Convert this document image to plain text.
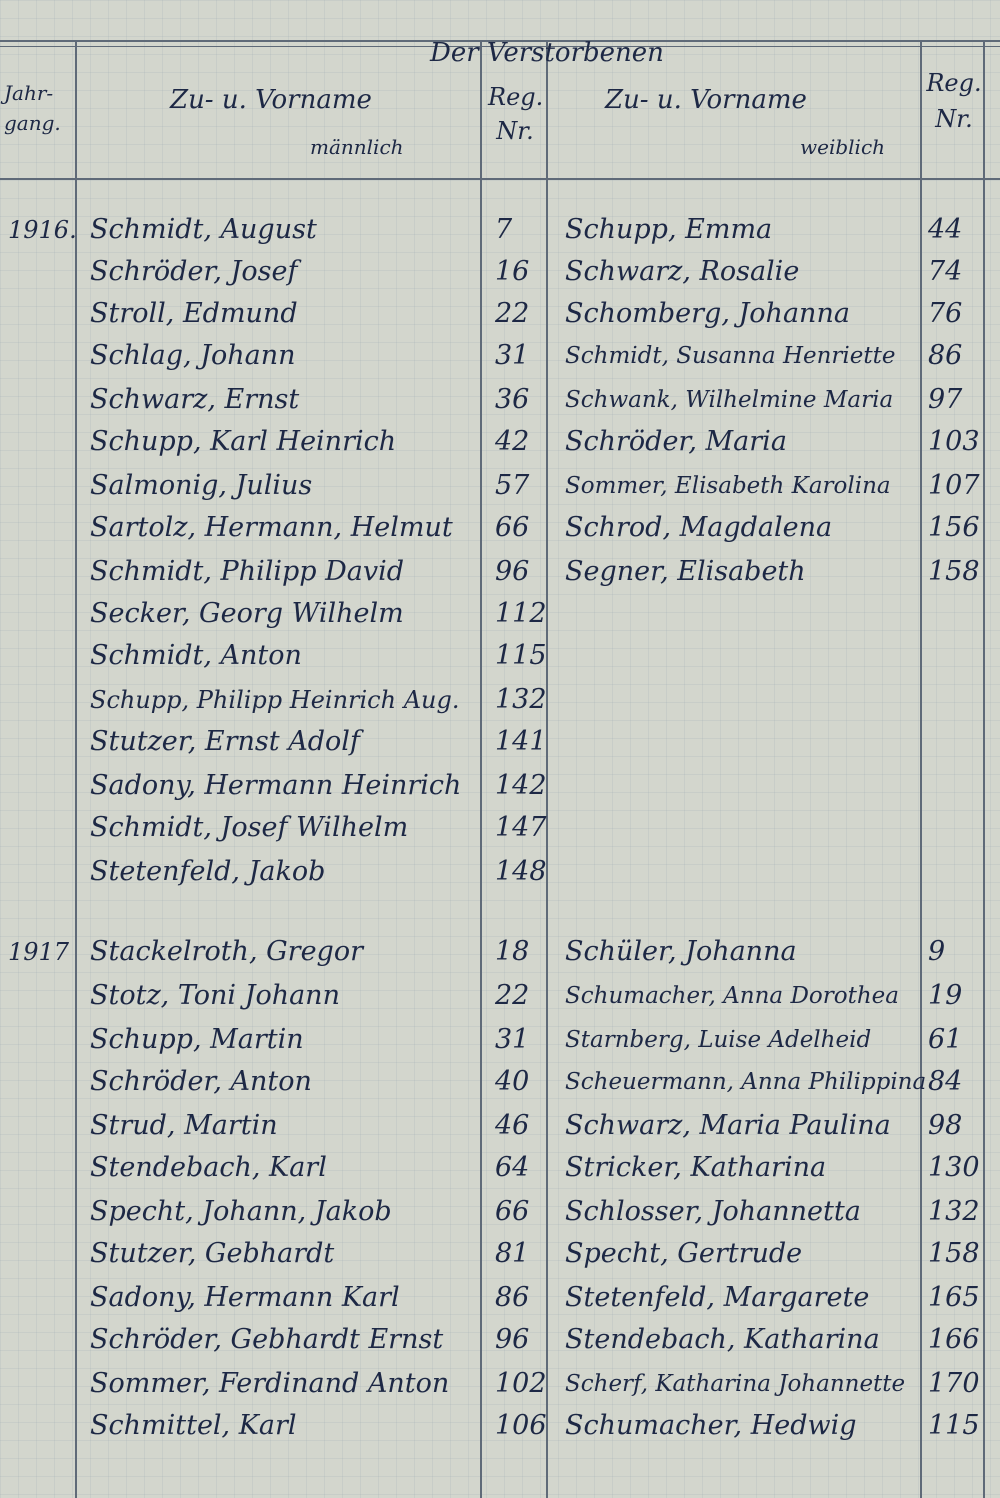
Der Verstorbenen
Jahr-gang.
Zu- u. Vorname
männlich
Reg. Nr.
Zu- u. Vorname
weiblich
Reg. Nr.
1916. Schmidt, August	7	Schupp, Emma	44
Schröder, Josef	16	Schwarz, Rosalie	74
Stroll, Edmund	22	Schomberg, Johanna	76
Schlag, Johann	31	Schmidt, Susanna Henriette	86
Schwarz, Ernst	36	Schwank, Wilhelmine Maria	97
Schupp, Karl Heinrich	42	Schröder, Maria	103
Salmonig, Julius	57	Sommer, Elisabeth Karolina	107
Sartolz, Hermann, Helmut	66	Schrod, Magdalena	156
Schmidt, Philipp David	96	Segner, Elisabeth	158
Secker, Georg Wilhelm	112
Schmidt, Anton	115
Schupp, Philipp Heinrich Aug.	132
Stutzer, Ernst Adolf	141
Sadony, Hermann Heinrich	142
Schmidt, Josef Wilhelm	147
Stetenfeld, Jakob	148
1917 Stackelroth, Gregor	18	Schüler, Johanna	9
Stotz, Toni Johann	22	Schumacher, Anna Dorothea	19
Schupp, Martin	31	Starnberg, Luise Adelheid	61
Schröder, Anton	40	Scheuermann, Anna Philippina 84
Strud, Martin	46	Schwarz, Maria Paulina	98
Stendebach, Karl	64	Stricker, Katharina	130
Specht, Johann, Jakob	66	Schlosser, Johannetta	132
Stutzer, Gebhardt	81	Specht, Gertrude	158
Sadony, Hermann Karl	86	Stetenfeld, Margarete	165
Schröder, Gebhardt Ernst	96	Stendebach, Katharina	166
Sommer, Ferdinand Anton	102 Scherf, Katharina Johannette 170
Schmittel, Karl	106 Schumacher, Hedwig	115
